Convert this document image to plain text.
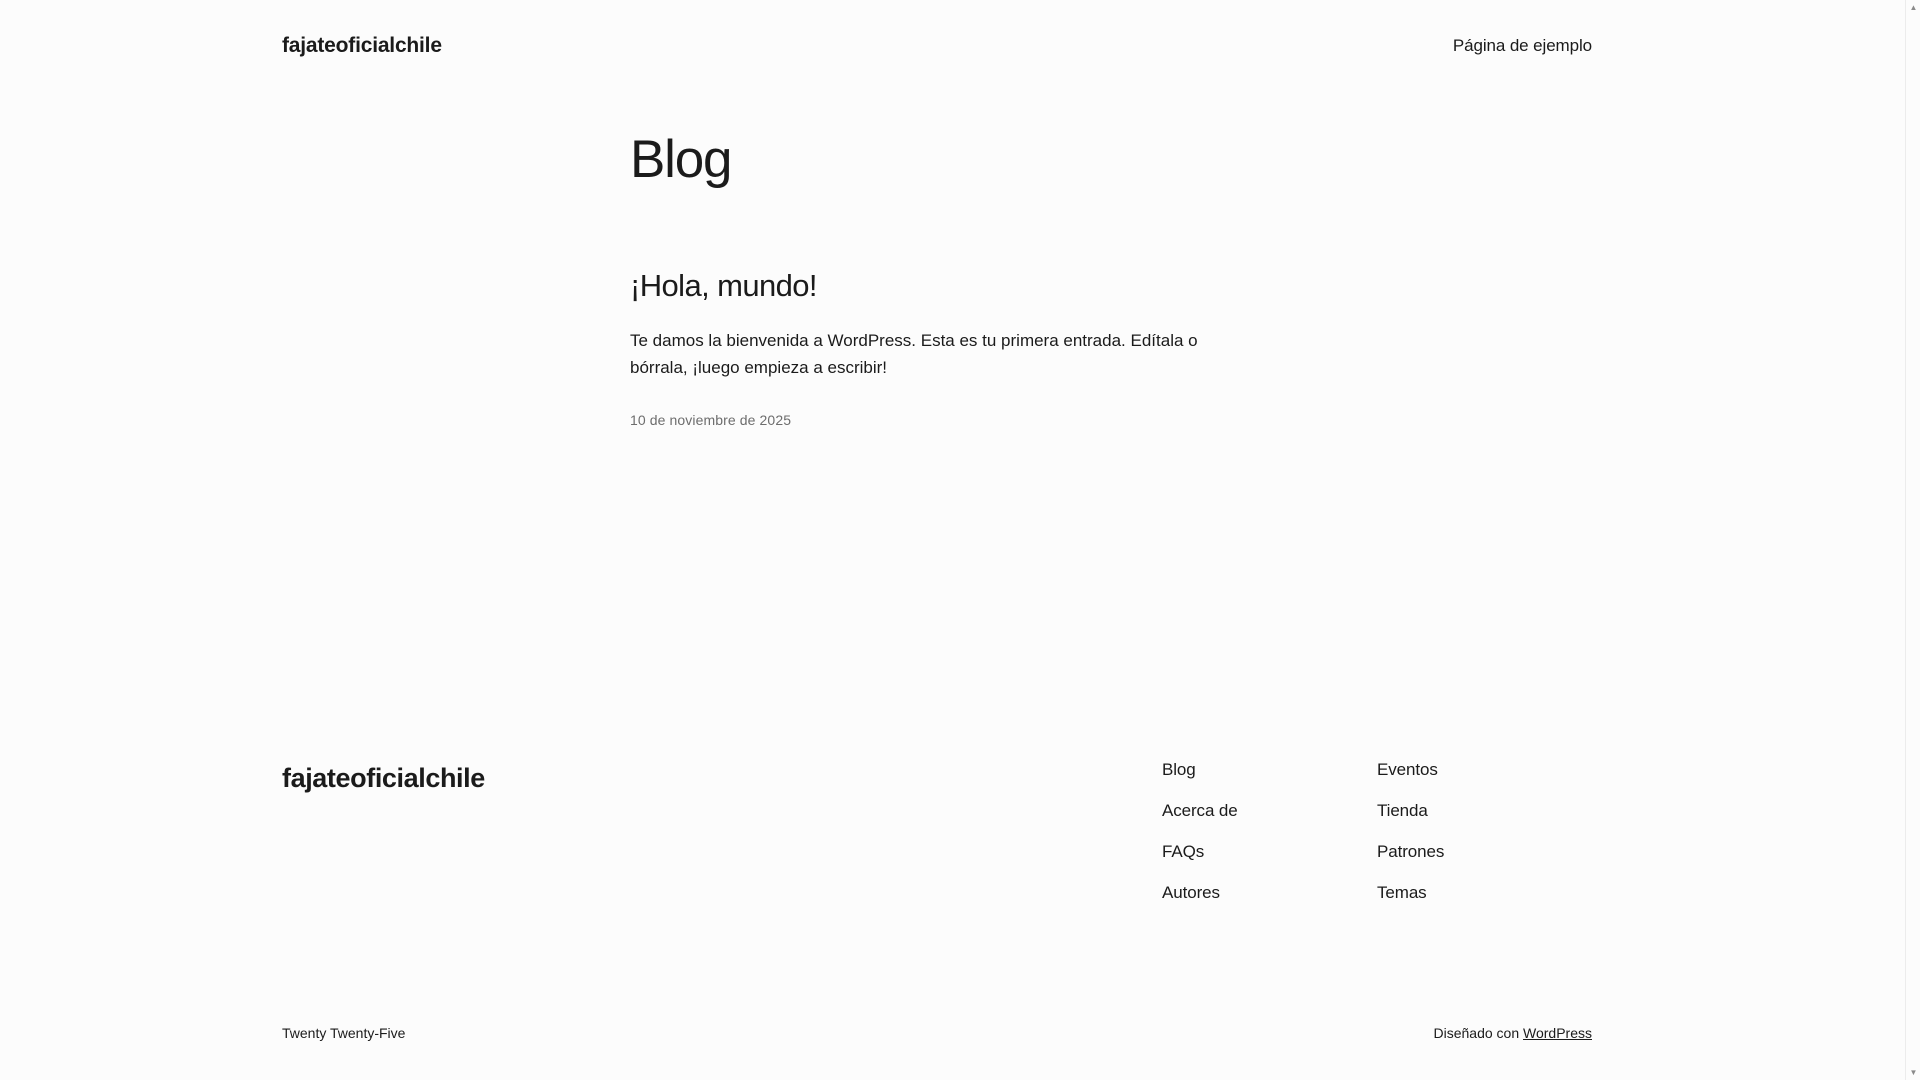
fajateoficialchile	Página de ejemplo
Blog
¡Hola, mundo!

Te damos la bienvenida a WordPress. Esta es tu primera entrada. Edítala o bórrala, ¡luego empieza a escribir!

10 de noviembre de 2025
fajateoficialchile	Blog
Acerca de
FAQs
Autores
Eventos
Tienda
Patrones
Temas
Twenty Twenty-Five	Diseñado con WordPress
▲
▼
